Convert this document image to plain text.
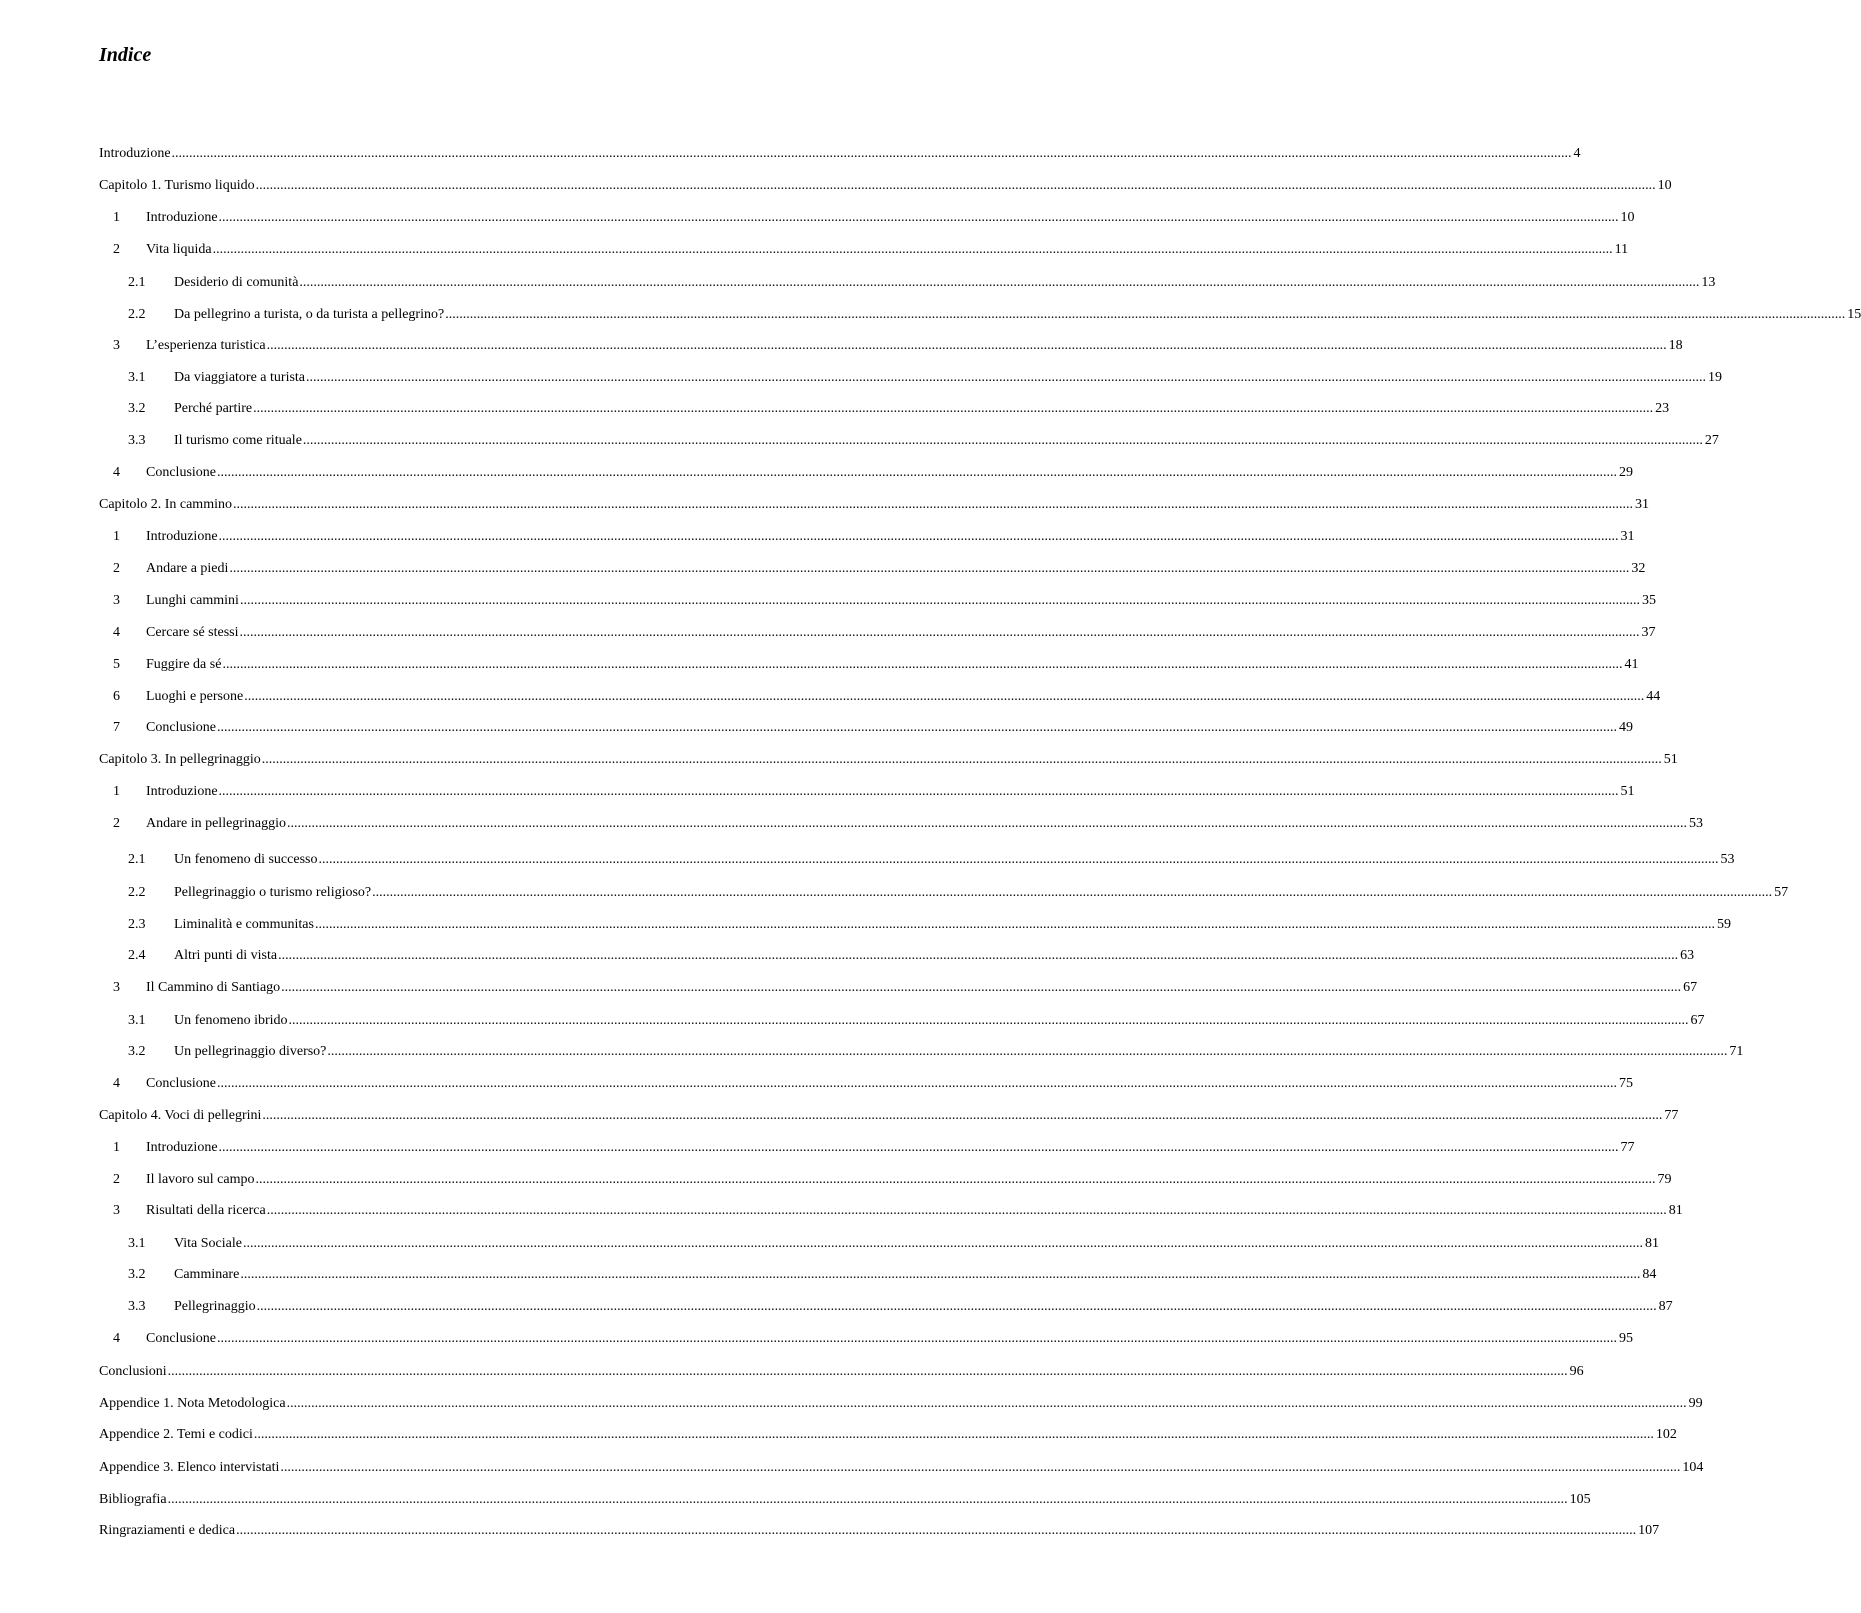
Indice
Introduzione ................................................................................................................................................................................................................................................................................................................................................................................................................ 4
Capitolo 1. Turismo liquido ................................................................................................................................................................................................................................................................................................................................................................................................................ 10
1 Introduzione ................................................................................................................................................................................................................................................................................................................................................................................................................ 10
2 Vita liquida ................................................................................................................................................................................................................................................................................................................................................................................................................ 11
2.1 Desiderio di comunità ................................................................................................................................................................................................................................................................................................................................................................................................................ 13
2.2 Da pellegrino a turista, o da turista a pellegrino? ................................................................................................................................................................................................................................................................................................................................................................................................................ 15
3 L’esperienza turistica ................................................................................................................................................................................................................................................................................................................................................................................................................ 18
3.1 Da viaggiatore a turista ................................................................................................................................................................................................................................................................................................................................................................................................................ 19
3.2 Perché partire ................................................................................................................................................................................................................................................................................................................................................................................................................ 23
3.3 Il turismo come rituale ................................................................................................................................................................................................................................................................................................................................................................................................................ 27
4 Conclusione ................................................................................................................................................................................................................................................................................................................................................................................................................ 29
Capitolo 2. In cammino ................................................................................................................................................................................................................................................................................................................................................................................................................ 31
1 Introduzione ................................................................................................................................................................................................................................................................................................................................................................................................................ 31
2 Andare a piedi ................................................................................................................................................................................................................................................................................................................................................................................................................ 32
3 Lunghi cammini ................................................................................................................................................................................................................................................................................................................................................................................................................ 35
4 Cercare sé stessi ................................................................................................................................................................................................................................................................................................................................................................................................................ 37
5 Fuggire da sé ................................................................................................................................................................................................................................................................................................................................................................................................................ 41
6 Luoghi e persone ................................................................................................................................................................................................................................................................................................................................................................................................................ 44
7 Conclusione ................................................................................................................................................................................................................................................................................................................................................................................................................ 49
Capitolo 3. In pellegrinaggio ................................................................................................................................................................................................................................................................................................................................................................................................................ 51
1 Introduzione ................................................................................................................................................................................................................................................................................................................................................................................................................ 51
2 Andare in pellegrinaggio ................................................................................................................................................................................................................................................................................................................................................................................................................ 53
2.1 Un fenomeno di successo ................................................................................................................................................................................................................................................................................................................................................................................................................ 53
2.2 Pellegrinaggio o turismo religioso? ................................................................................................................................................................................................................................................................................................................................................................................................................ 57
2.3 Liminalità e communitas ................................................................................................................................................................................................................................................................................................................................................................................................................ 59
2.4 Altri punti di vista ................................................................................................................................................................................................................................................................................................................................................................................................................ 63
3 Il Cammino di Santiago ................................................................................................................................................................................................................................................................................................................................................................................................................ 67
3.1 Un fenomeno ibrido ................................................................................................................................................................................................................................................................................................................................................................................................................ 67
3.2 Un pellegrinaggio diverso? ................................................................................................................................................................................................................................................................................................................................................................................................................ 71
4 Conclusione ................................................................................................................................................................................................................................................................................................................................................................................................................ 75
Capitolo 4. Voci di pellegrini ................................................................................................................................................................................................................................................................................................................................................................................................................ 77
1 Introduzione ................................................................................................................................................................................................................................................................................................................................................................................................................ 77
2 Il lavoro sul campo ................................................................................................................................................................................................................................................................................................................................................................................................................ 79
3 Risultati della ricerca ................................................................................................................................................................................................................................................................................................................................................................................................................ 81
3.1 Vita Sociale ................................................................................................................................................................................................................................................................................................................................................................................................................ 81
3.2 Camminare ................................................................................................................................................................................................................................................................................................................................................................................................................ 84
3.3 Pellegrinaggio ................................................................................................................................................................................................................................................................................................................................................................................................................ 87
4 Conclusione ................................................................................................................................................................................................................................................................................................................................................................................................................ 95
Conclusioni ................................................................................................................................................................................................................................................................................................................................................................................................................ 96
Appendice 1. Nota Metodologica ................................................................................................................................................................................................................................................................................................................................................................................................................ 99
Appendice 2. Temi e codici ................................................................................................................................................................................................................................................................................................................................................................................................................ 102
Appendice 3. Elenco intervistati ................................................................................................................................................................................................................................................................................................................................................................................................................ 104
Bibliografia ................................................................................................................................................................................................................................................................................................................................................................................................................ 105
Ringraziamenti e dedica ................................................................................................................................................................................................................................................................................................................................................................................................................ 107
